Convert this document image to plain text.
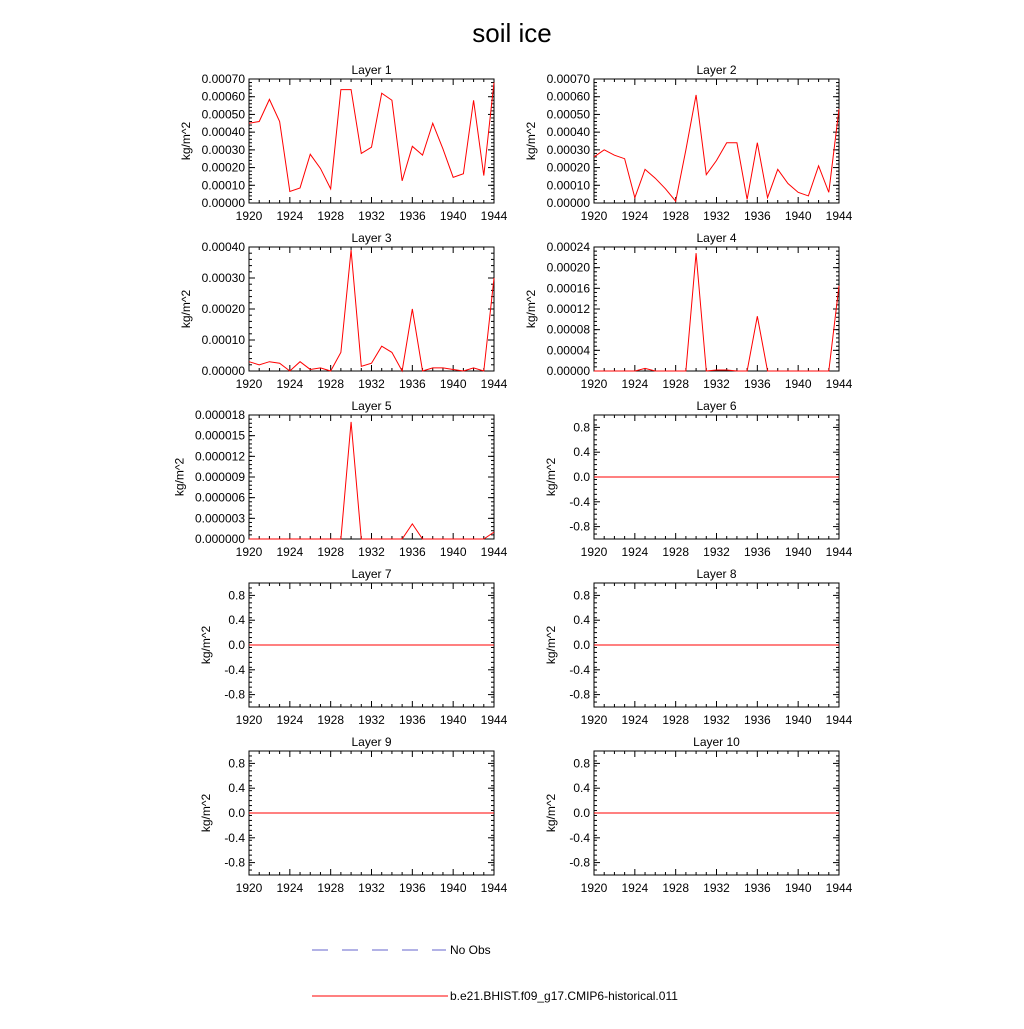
soil ice
Layer 1
1920 1924 1928 1932 1936 1940 1944
0.00000
0.00010
0.00020
0.00030
0.00040
0.00050
0.00060
0.00070
kg/m^2
Layer 2
1920 1924 1928 1932 1936 1940 1944
0.00000
0.00010
0.00020
0.00030
0.00040
0.00050
0.00060
0.00070
kg/m^2
Layer 3
1920 1924 1928 1932 1936 1940 1944
0.00000
0.00010
0.00020
0.00030
0.00040
kg/m^2
Layer 4
1920 1924 1928 1932 1936 1940 1944
0.00000
0.00004
0.00008
0.00012
0.00016
0.00020
0.00024
kg/m^2
Layer 5
1920 1924 1928 1932 1936 1940 1944
0.000000
0.000003
0.000006
0.000009
0.000012
0.000015
0.000018
kg/m^2
Layer 6
1920 1924 1928 1932 1936 1940 1944
-0.8
-0.4
0.0
0.4
0.8
kg/m^2
Layer 7
1920 1924 1928 1932 1936 1940 1944
-0.8
-0.4
0.0
0.4
0.8
kg/m^2
Layer 8
1920 1924 1928 1932 1936 1940 1944
-0.8
-0.4
0.0
0.4
0.8
kg/m^2
Layer 9
1920 1924 1928 1932 1936 1940 1944
-0.8
-0.4
0.0
0.4
0.8
kg/m^2
Layer 10
1920 1924 1928 1932 1936 1940 1944
-0.8
-0.4
0.0
0.4
0.8
kg/m^2
No Obs
b.e21.BHIST.f09_g17.CMIP6-historical.011
